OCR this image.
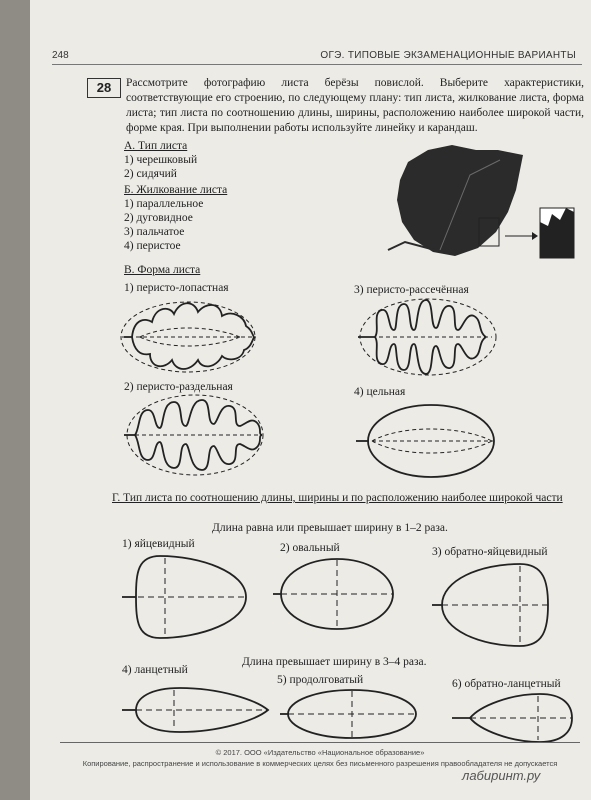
248	ОГЭ. ТИПОВЫЕ ЭКЗАМЕНАЦИОННЫЕ ВАРИАНТЫ
28	Рассмотрите фотографию листа берёзы повислой. Выберите характеристики, соответствующие его строению, по следующему плану: тип листа, жилкование листа, форма листа; тип листа по соотношению длины, ширины, расположению наиболее широкой части, форме края. При выполнении работы используйте линейку и карандаш.
А. Тип листа
1) черешковый
2) сидячий
Б. Жилкование листа
1) параллельное
2) дуговидное
3) пальчатое
4) перистое
В. Форма листа
1) перисто-лопастная	3) перисто-рассечённая
2) перисто-раздельная	4) цельная
Г. Тип листа по соотношению длины, ширины и по расположению наиболее широкой части
Длина равна или превышает ширину в 1–2 раза.
1) яйцевидный	2) овальный	3) обратно-яйцевидный
Длина превышает ширину в 3–4 раза.
4) ланцетный
5) продолговатый	6) обратно-ланцетный
© 2017. ООО «Издательство «Национальное образование»
Копирование, распространение и использование в коммерческих целях без письменного разрешения правообладателя не допускается
лабиринт.ру
